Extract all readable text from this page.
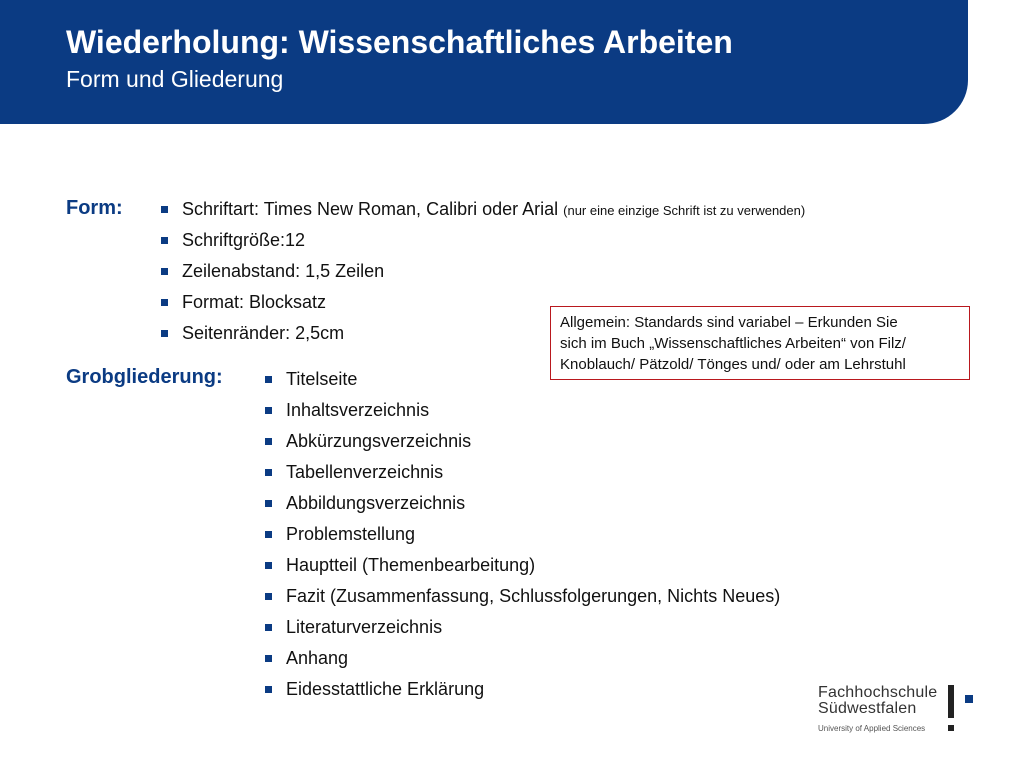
Wiederholung: Wissenschaftliches Arbeiten
Form und Gliederung
Form:	Schriftart: Times New Roman, Calibri oder Arial (nur eine einzige Schrift ist zu verwenden)
Schriftgröße:12
Zeilenabstand: 1,5 Zeilen
Format: Blocksatz
Seitenränder: 2,5cm
Allgemein: Standards sind variabel – Erkunden Sie
sich im Buch „Wissenschaftliches Arbeiten“ von Filz/
Knoblauch/ Pätzold/ Tönges und/ oder am Lehrstuhl
Grobgliederung:	Titelseite
Inhaltsverzeichnis
Abkürzungsverzeichnis
Tabellenverzeichnis
Abbildungsverzeichnis
Problemstellung
Hauptteil (Themenbearbeitung)
Fazit (Zusammenfassung, Schlussfolgerungen, Nichts Neues)
Literaturverzeichnis
Anhang
Eidesstattliche Erklärung	Fachhochschule
Südwestfalen
University of Applied Sciences
